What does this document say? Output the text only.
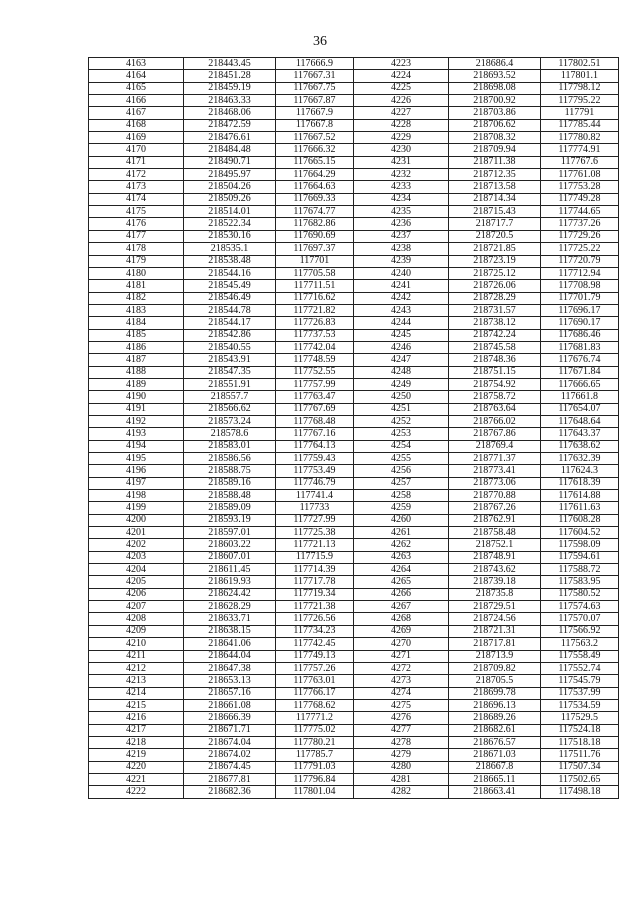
36
4163	218443.45	117666.9	4223	218686.4	117802.51
4164	218451.28	117667.31	4224	218693.52	117801.1
4165	218459.19	117667.75	4225	218698.08	117798.12
4166	218463.33	117667.87	4226	218700.92	117795.22
4167	218468.06	117667.9	4227	218703.86	117791
4168	218472.59	117667.8	4228	218706.62	117785.44
4169	218476.61	117667.52	4229	218708.32	117780.82
4170	218484.48	117666.32	4230	218709.94	117774.91
4171	218490.71	117665.15	4231	218711.38	117767.6
4172	218495.97	117664.29	4232	218712.35	117761.08
4173	218504.26	117664.63	4233	218713.58	117753.28
4174	218509.26	117669.33	4234	218714.34	117749.28
4175	218514.01	117674.77	4235	218715.43	117744.65
4176	218522.34	117682.86	4236	218717.7	117737.26
4177	218530.16	117690.69	4237	218720.5	117729.26
4178	218535.1	117697.37	4238	218721.85	117725.22
4179	218538.48	117701	4239	218723.19	117720.79
4180	218544.16	117705.58	4240	218725.12	117712.94
4181	218545.49	117711.51	4241	218726.06	117708.98
4182	218546.49	117716.62	4242	218728.29	117701.79
4183	218544.78	117721.82	4243	218731.57	117696.17
4184	218544.17	117726.83	4244	218738.12	117690.17
4185	218542.86	117737.53	4245	218742.24	117686.46
4186	218540.55	117742.04	4246	218745.58	117681.83
4187	218543.91	117748.59	4247	218748.36	117676.74
4188	218547.35	117752.55	4248	218751.15	117671.84
4189	218551.91	117757.99	4249	218754.92	117666.65
4190	218557.7	117763.47	4250	218758.72	117661.8
4191	218566.62	117767.69	4251	218763.64	117654.07
4192	218573.24	117768.48	4252	218766.02	117648.64
4193	218578.6	117767.16	4253	218767.86	117643.37
4194	218583.01	117764.13	4254	218769.4	117638.62
4195	218586.56	117759.43	4255	218771.37	117632.39
4196	218588.75	117753.49	4256	218773.41	117624.3
4197	218589.16	117746.79	4257	218773.06	117618.39
4198	218588.48	117741.4	4258	218770.88	117614.88
4199	218589.09	117733	4259	218767.26	117611.63
4200	218593.19	117727.99	4260	218762.91	117608.28
4201	218597.01	117725.38	4261	218758.48	117604.52
4202	218603.22	117721.13	4262	218752.1	117598.09
4203	218607.01	117715.9	4263	218748.91	117594.61
4204	218611.45	117714.39	4264	218743.62	117588.72
4205	218619.93	117717.78	4265	218739.18	117583.95
4206	218624.42	117719.34	4266	218735.8	117580.52
4207	218628.29	117721.38	4267	218729.51	117574.63
4208	218633.71	117726.56	4268	218724.56	117570.07
4209	218638.15	117734.23	4269	218721.31	117566.92
4210	218641.06	117742.45	4270	218717.81	117563.2
4211	218644.04	117749.13	4271	218713.9	117558.49
4212	218647.38	117757.26	4272	218709.82	117552.74
4213	218653.13	117763.01	4273	218705.5	117545.79
4214	218657.16	117766.17	4274	218699.78	117537.99
4215	218661.08	117768.62	4275	218696.13	117534.59
4216	218666.39	117771.2	4276	218689.26	117529.5
4217	218671.71	117775.02	4277	218682.61	117524.18
4218	218674.04	117780.21	4278	218676.57	117518.18
4219	218674.02	117785.7	4279	218671.03	117511.76
4220	218674.45	117791.03	4280	218667.8	117507.34
4221	218677.81	117796.84	4281	218665.11	117502.65
4222	218682.36	117801.04	4282	218663.41	117498.18
